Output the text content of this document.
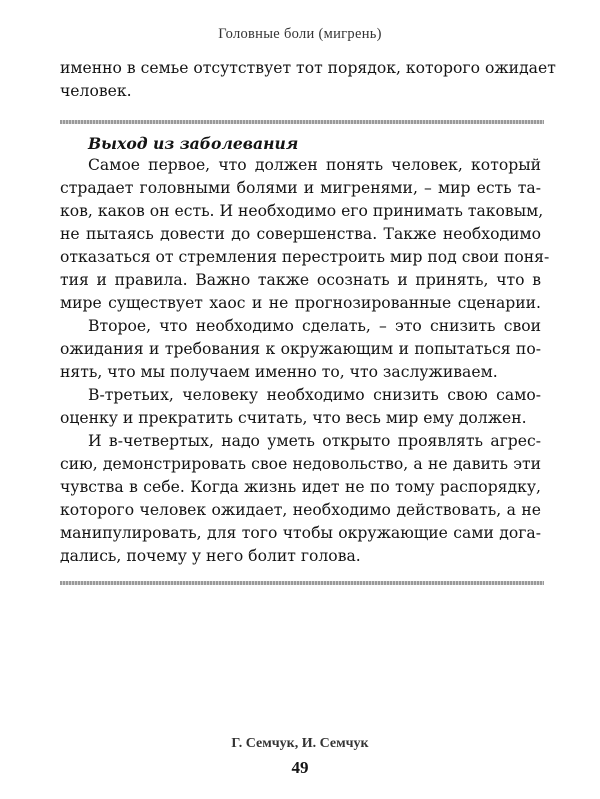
Головные боли (мигрень)
именно в семье отсутствует тот порядок, которого ожидает
человек.
Выход из заболевания
Самое первое, что должен понять человек, который
страдает головными болями и мигренями, – мир есть та-
ков, каков он есть. И необходимо его принимать таковым,
не пытаясь довести до совершенства. Также необходимо
отказаться от стремления перестроить мир под свои поня-
тия и правила. Важно также осознать и принять, что в
мире существует хаос и не прогнозированные сценарии.
Второе, что необходимо сделать, – это снизить свои
ожидания и требования к окружающим и попытаться по-
нять, что мы получаем именно то, что заслуживаем.
В-третьих, человеку необходимо снизить свою само-
оценку и прекратить считать, что весь мир ему должен.
И в-четвертых, надо уметь открыто проявлять агрес-
сию, демонстрировать свое недовольство, а не давить эти
чувства в себе. Когда жизнь идет не по тому распорядку,
которого человек ожидает, необходимо действовать, а не
манипулировать, для того чтобы окружающие сами дога-
дались, почему у него болит голова.
Г. Семчук, И. Семчук
49
